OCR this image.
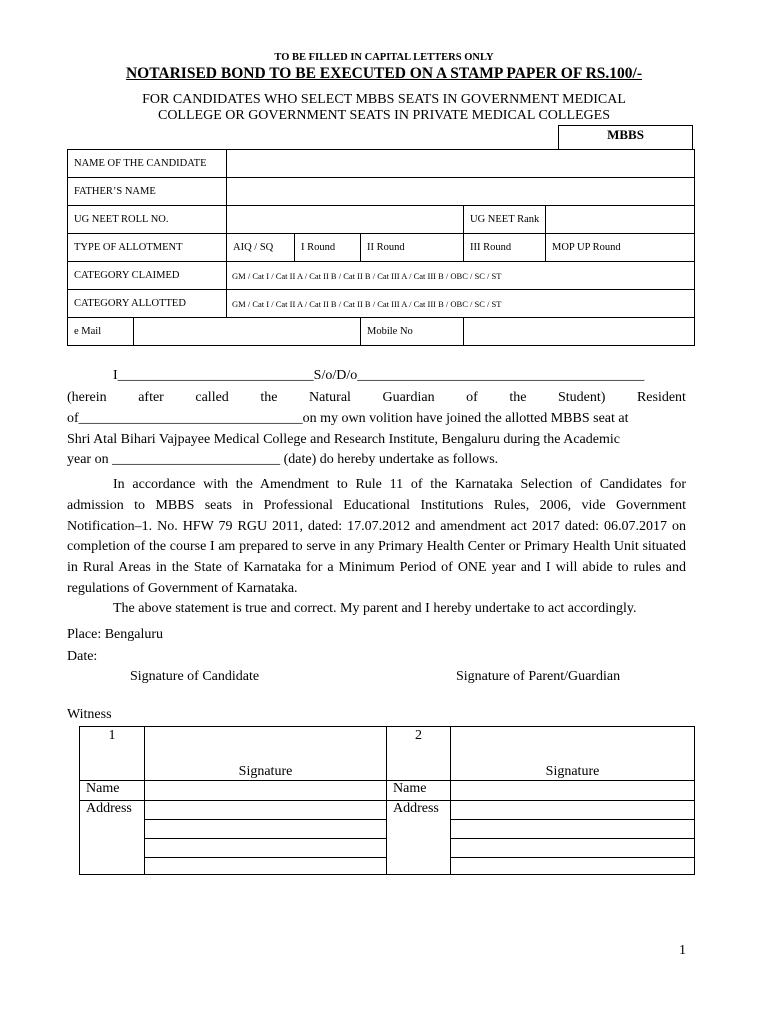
TO BE FILLED IN CAPITAL LETTERS ONLY
NOTARISED BOND TO BE EXECUTED ON A STAMP PAPER OF RS.100/-
FOR CANDIDATES WHO SELECT MBBS SEATS IN GOVERNMENT MEDICAL
COLLEGE OR GOVERNMENT SEATS IN PRIVATE MEDICAL COLLEGES
MBBS
NAME OF THE CANDIDATE						
FATHER’S NAME						
UG NEET ROLL NO.					UG NEET Rank	
TYPE OF ALLOTMENT		AIQ / SQ	I Round	II Round	III Round	MOP UP Round
CATEGORY CLAIMED		GM / Cat I / Cat II A / Cat II B / Cat II B / Cat III A / Cat III B / OBC / SC / ST				
CATEGORY ALLOTTED		GM / Cat I / Cat II A / Cat II B / Cat II B / Cat III A / Cat III B / OBC / SC / ST				
e Mail				Mobile No		
I____________________________S/o/D/o_________________________________________
(herein after called the Natural Guardian of the Student) Resident
of________________________________on my own volition have joined the allotted MBBS seat at
Shri Atal Bihari Vajpayee Medical College and Research Institute, Bengaluru during the Academic
year on ________________________ (date) do hereby undertake as follows.
In accordance with the Amendment to Rule 11 of the Karnataka Selection of Candidates for admission to MBBS seats in Professional Educational Institutions Rules, 2006, vide Government Notification–1. No. HFW 79 RGU 2011, dated: 17.07.2012 and amendment act 2017 dated: 06.07.2017 on completion of the course I am prepared to serve in any Primary Health Center or Primary Health Unit situated in Rural Areas in the State of Karnataka for a Minimum Period of ONE year and I will abide to rules and regulations of Government of Karnataka.
The above statement is true and correct. My parent and I hereby undertake to act accordingly.
Place: Bengaluru
Date:
Signature of Candidate	Signature of Parent/Guardian
Witness
1	Signature	2	Signature
Name		Name	
Address		Address	

1
